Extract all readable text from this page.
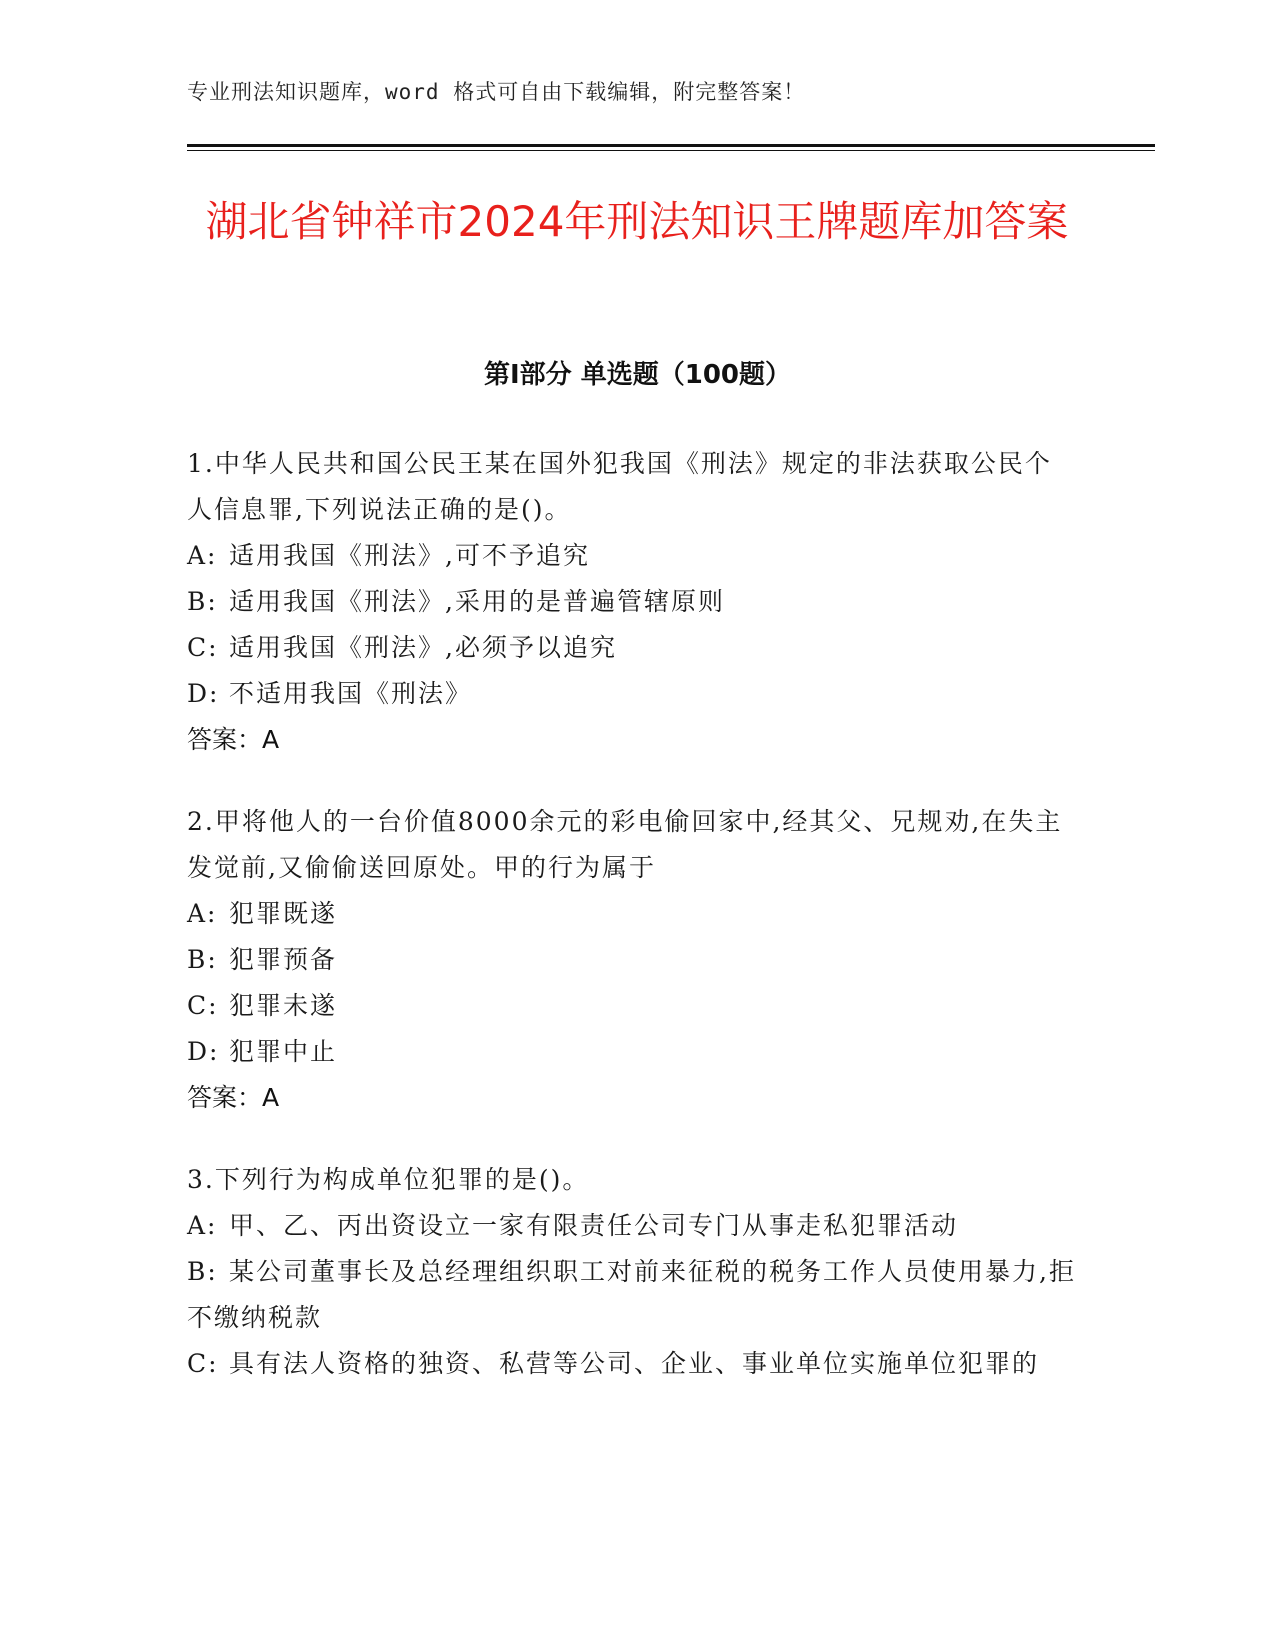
专业刑法知识题库，word 格式可自由下载编辑，附完整答案！
湖北省钟祥市2024年刑法知识王牌题库加答案
第Ⅰ部分 单选题（100题）

1.中华人民共和国公民王某在国外犯我国《刑法》规定的非法获取公民个人信息罪,下列说法正确的是()。

A: 适用我国《刑法》,可不予追究

B: 适用我国《刑法》,采用的是普遍管辖原则

C: 适用我国《刑法》,必须予以追究

D: 不适用我国《刑法》

答案：A

2.甲将他人的一台价值8000余元的彩电偷回家中,经其父、兄规劝,在失主发觉前,又偷偷送回原处。甲的行为属于

A: 犯罪既遂

B: 犯罪预备

C: 犯罪未遂

D: 犯罪中止

答案：A

3.下列行为构成单位犯罪的是()。

A: 甲、乙、丙出资设立一家有限责任公司专门从事走私犯罪活动

B: 某公司董事长及总经理组织职工对前来征税的税务工作人员使用暴力,拒不缴纳税款

C: 具有法人资格的独资、私营等公司、企业、事业单位实施单位犯罪的
